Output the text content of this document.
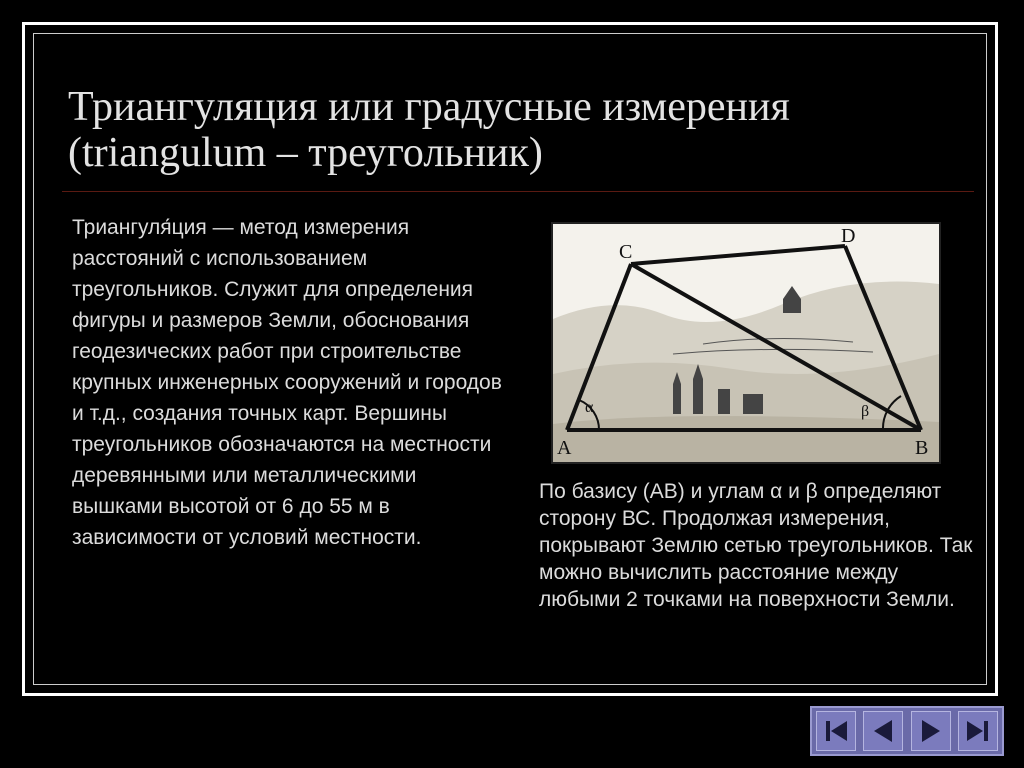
Триангуляция или градусные измерения (triangulum – треугольник)

Триангуля́ция — метод измерения расстояний с использованием треугольников. Служит для определения фигуры и размеров Земли, обоснования геодезических работ при строительстве крупных инженерных сооружений и городов и т.д., создания точных карт. Вершины треугольников обозначаются на местности деревянными или металлическими вышками высотой от 6 до 55 м в зависимости от условий местности.

C
D
A	B
α	β

По базису (АВ) и углам α и β определяют сторону ВС. Продолжая измерения, покрывают Землю сетью треугольников. Так можно вычислить расстояние между любыми 2 точками на поверхности Земли.
